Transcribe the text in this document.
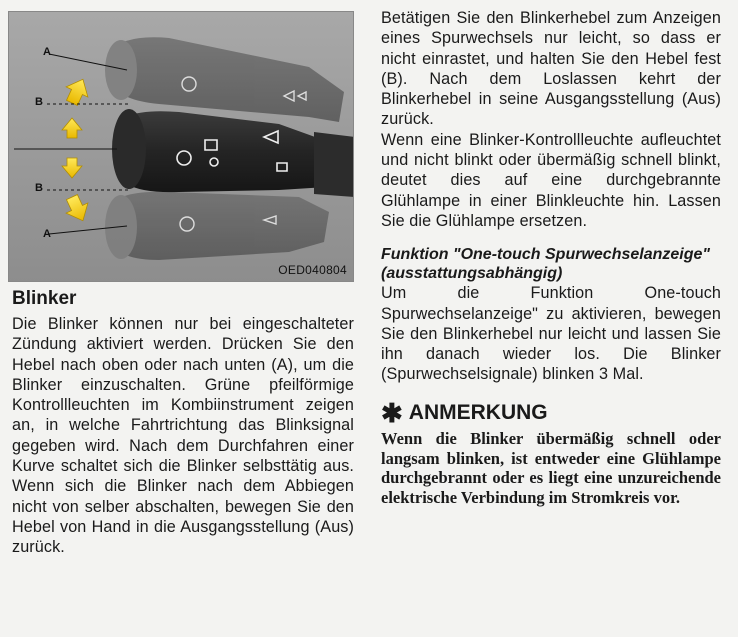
A
B
B
A
OED040804
Blinker

Die Blinker können nur bei eingeschalteter Zündung aktiviert werden. Drücken Sie den Hebel nach oben oder nach unten (A), um die Blinker einzuschalten. Grüne pfeilförmige Kontrollleuchten im Kombiinstrument zeigen an, in welche Fahrtrichtung das Blinksignal gegeben wird. Nach dem Durchfahren einer Kurve schaltet sich die Blinker selbsttätig aus. Wenn sich die Blinker nach dem Abbiegen nicht von selber abschalten, bewegen Sie den Hebel von Hand in die Ausgangsstellung (Aus) zurück.

Betätigen Sie den Blinkerhebel zum Anzeigen eines Spurwechsels nur leicht, so dass er nicht einrastet, und halten Sie den Hebel fest (B). Nach dem Loslassen kehrt der Blinkerhebel in seine Ausgangsstellung (Aus) zurück.

Wenn eine Blinker-Kontrollleuchte aufleuchtet und nicht blinkt oder übermäßig schnell blinkt, deutet dies auf eine durchgebrannte Glühlampe in einer Blinkleuchte hin. Lassen Sie die Glühlampe ersetzen.

Funktion "One-touch Spurwechselanzeige" (ausstattungsabhängig)

Um die Funktion One-touch Spurwechselanzeige" zu aktivieren, bewegen Sie den Blinkerhebel nur leicht und lassen Sie ihn danach wieder los. Die Blinker (Spurwechselsignale) blinken 3 Mal.

✱ ANMERKUNG

Wenn die Blinker übermäßig schnell oder langsam blinken, ist entweder eine Glühlampe durchgebrannt oder es liegt eine unzureichende elektrische Verbindung im Stromkreis vor.
